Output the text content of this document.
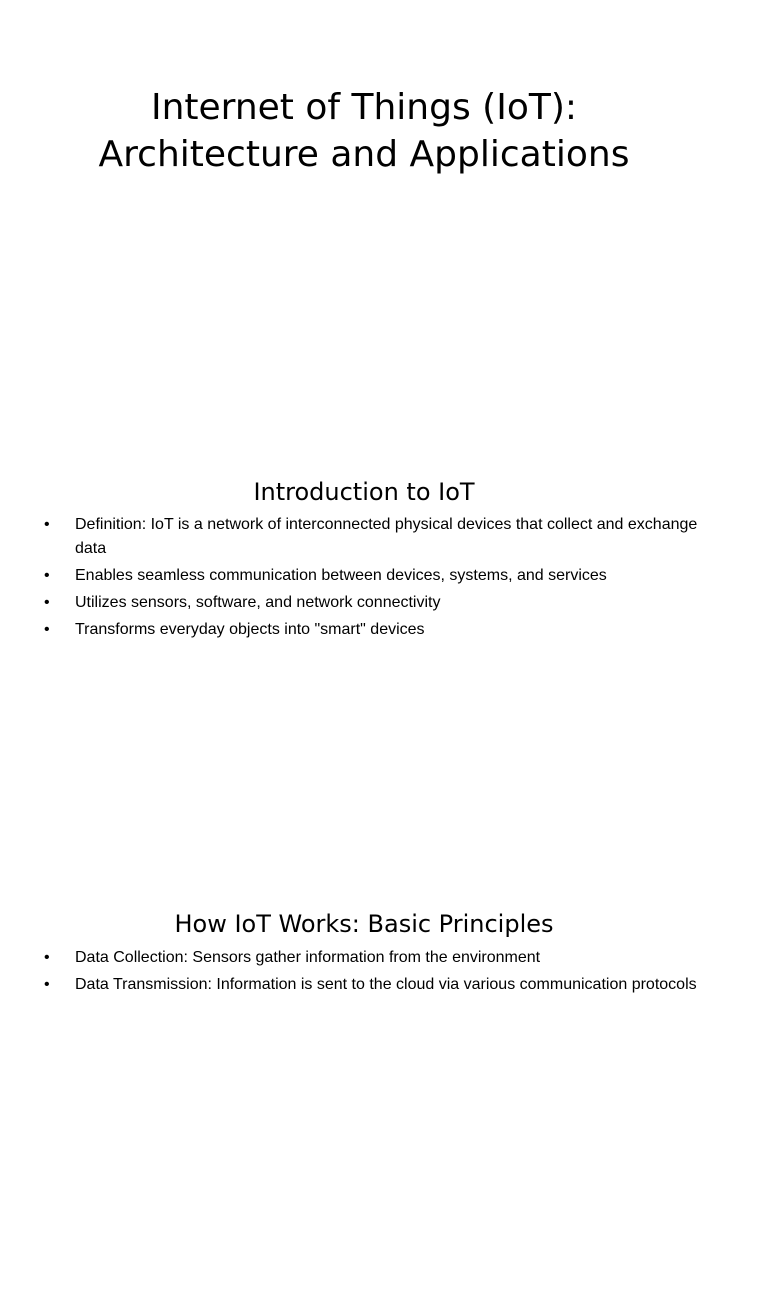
Internet of Things (IoT):
Architecture and Applications
Introduction to IoT
• Definition: IoT is a network of interconnected physical devices that collect and exchange data
• Enables seamless communication between devices, systems, and services
• Utilizes sensors, software, and network connectivity
• Transforms everyday objects into "smart" devices
How IoT Works: Basic Principles
• Data Collection: Sensors gather information from the environment
• Data Transmission: Information is sent to the cloud via various communication protocols
